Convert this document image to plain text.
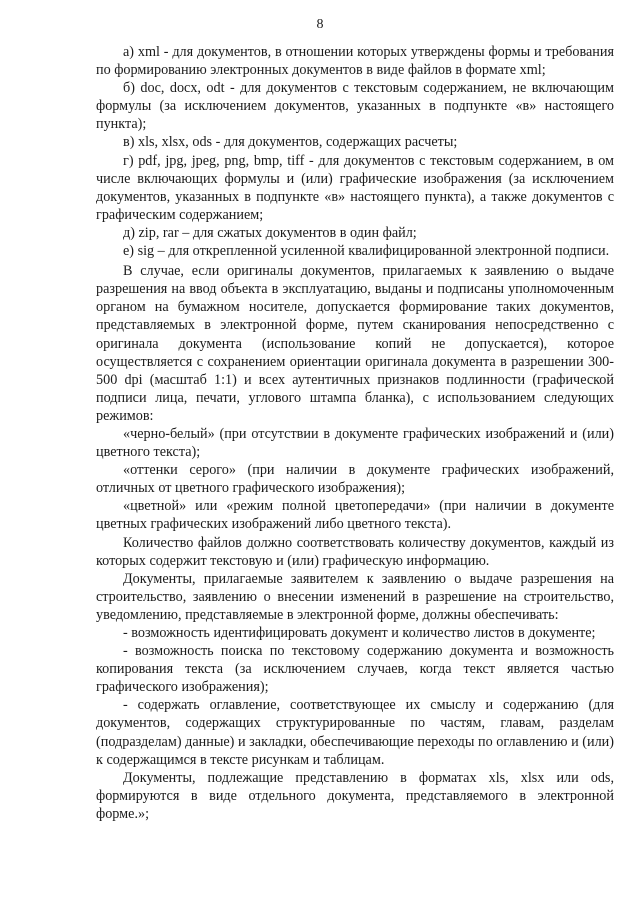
8

а) xml - для документов, в отношении которых утверждены формы и требования по формированию электронных документов в виде файлов в формате xml;

б) doc, docx, odt - для документов с текстовым содержанием, не включающим формулы (за исключением документов, указанных в подпункте «в» настоящего пункта);

в) xls, xlsx, ods - для документов, содержащих расчеты;

г) pdf, jpg, jpeg, png, bmp, tiff - для документов с текстовым содержанием, в ом числе включающих формулы и (или) графические изображения (за исключением документов, указанных в подпункте «в» настоящего пункта), а также документов с графическим содержанием;

д) zip, rar – для сжатых документов в один файл;

е) sig – для открепленной усиленной квалифицированной электронной подписи.

В случае, если оригиналы документов, прилагаемых к заявлению о выдаче разрешения на ввод объекта в эксплуатацию, выданы и подписаны уполномоченным органом на бумажном носителе, допускается формирование таких документов, представляемых в электронной форме, путем сканирования непосредственно с оригинала документа (использование копий не допускается), которое осуществляется с сохранением ориентации оригинала документа в разрешении 300-500 dpi (масштаб 1:1) и всех аутентичных признаков подлинности (графической подписи лица, печати, углового штампа бланка), с использованием следующих режимов:

«черно-белый» (при отсутствии в документе графических изображений и (или) цветного текста);

«оттенки серого» (при наличии в документе графических изображений, отличных от цветного графического изображения);

«цветной» или «режим полной цветопередачи» (при наличии в документе цветных графических изображений либо цветного текста).

Количество файлов должно соответствовать количеству документов, каждый из которых содержит текстовую и (или) графическую информацию.

Документы, прилагаемые заявителем к заявлению о выдаче разрешения на строительство, заявлению о внесении изменений в разрешение на строительство, уведомлению, представляемые в электронной форме, должны обеспечивать:

- возможность идентифицировать документ и количество листов в документе;

- возможность поиска по текстовому содержанию документа и возможность копирования текста (за исключением случаев, когда текст является частью графического изображения);

- содержать оглавление, соответствующее их смыслу и содержанию (для документов, содержащих структурированные по частям, главам, разделам (подразделам) данные) и закладки, обеспечивающие переходы по оглавлению и (или) к содержащимся в тексте рисункам и таблицам.

Документы, подлежащие представлению в форматах xls, xlsx или ods, формируются в виде отдельного документа, представляемого в электронной форме.»;
